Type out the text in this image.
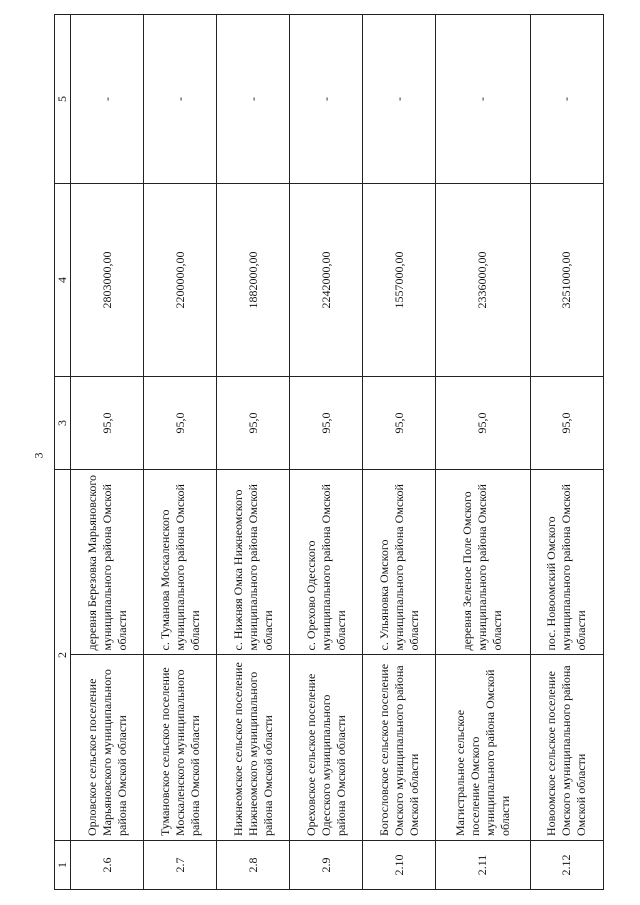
3
1	2		3	4	5
2.6	Орловское сельское поселение Марьяновского муниципального района Омской области	деревня Березовка Марьяновского муниципального района Омской области	95,0	2803000,00	-
2.7	Тумановское сельское поселение Москаленского муниципального района Омской области	с. Туманова Москаленского муниципального района Омской области	95,0	2200000,00	-
2.8	Нижнеомское сельское поселение Нижнеомского муниципального района Омской области	с. Нижняя Омка Нижнеомского муниципального района Омской области	95,0	1882000,00	-
2.9	Ореховское сельское поселение Одесского муниципального района Омской области	с. Орехово Одесского муниципального района Омской области	95,0	2242000,00	-
2.10	Богословское сельское поселение Омского муниципального района Омской области	с. Ульяновка Омского муниципального района Омской области	95,0	1557000,00	-
2.11	Магистральное сельское поселение Омского муниципального района Омской области	деревня Зеленое Поле Омского муниципального района Омской области	95,0	2336000,00	-
2.12	Новоомское сельское поселение Омского муниципального района Омской области	пос. Новоомский Омского муниципального района Омской области	95,0	3251000,00	-
